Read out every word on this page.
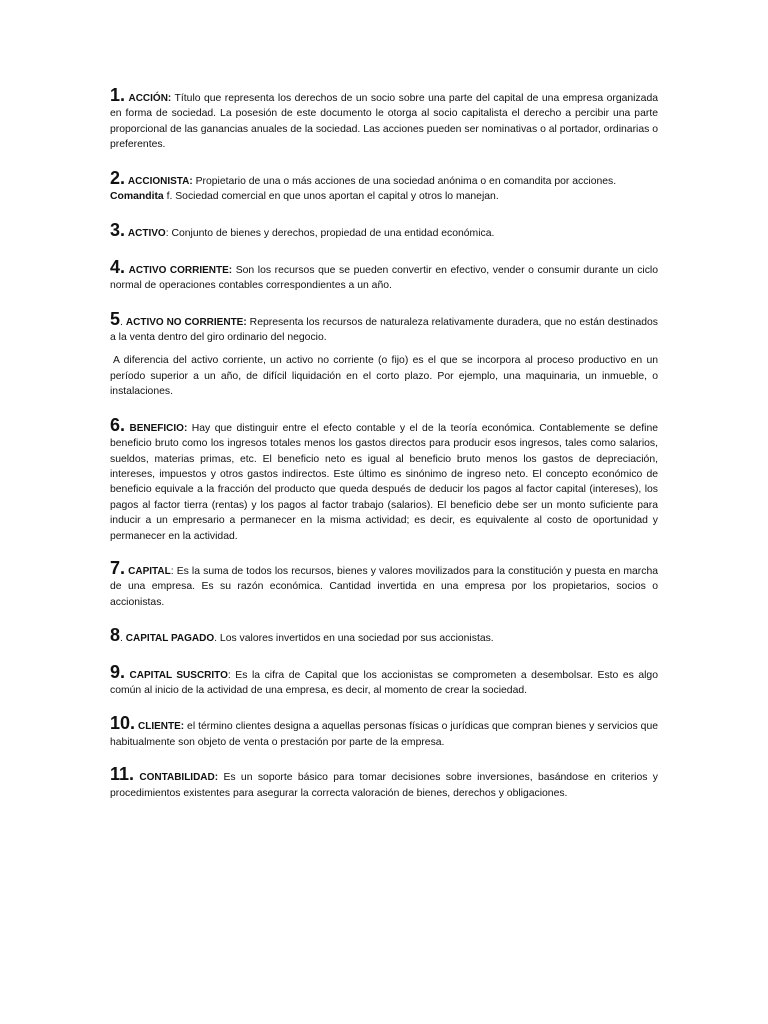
1. ACCIÓN: Título que representa los derechos de un socio sobre una parte del capital de una empresa organizada en forma de sociedad. La posesión de este documento le otorga al socio capitalista el derecho a percibir una parte proporcional de las ganancias anuales de la sociedad. Las acciones pueden ser nominativas o al portador, ordinarias o preferentes.

2. ACCIONISTA: Propietario de una o más acciones de una sociedad anónima o en comandita por acciones.
Comandita f. Sociedad comercial en que unos aportan el capital y otros lo manejan.

3. ACTIVO: Conjunto de bienes y derechos, propiedad de una entidad económica.

4. ACTIVO CORRIENTE: Son los recursos que se pueden convertir en efectivo, vender o consumir durante un ciclo normal de operaciones contables correspondientes a un año.

5. ACTIVO NO CORRIENTE: Representa los recursos de naturaleza relativamente duradera, que no están destinados a la venta dentro del giro ordinario del negocio.

A diferencia del activo corriente, un activo no corriente (o fijo) es el que se incorpora al proceso productivo en un período superior a un año, de difícil liquidación en el corto plazo. Por ejemplo, una maquinaria, un inmueble, o instalaciones.

6. BENEFICIO: Hay que distinguir entre el efecto contable y el de la teoría económica. Contablemente se define beneficio bruto como los ingresos totales menos los gastos directos para producir esos ingresos, tales como salarios, sueldos, materias primas, etc. El beneficio neto es igual al beneficio bruto menos los gastos de depreciación, intereses, impuestos y otros gastos indirectos. Este último es sinónimo de ingreso neto. El concepto económico de beneficio equivale a la fracción del producto que queda después de deducir los pagos al factor capital (intereses), los pagos al factor tierra (rentas) y los pagos al factor trabajo (salarios). El beneficio debe ser un monto suficiente para inducir a un empresario a permanecer en la misma actividad; es decir, es equivalente al costo de oportunidad y permanecer en la actividad.

7. CAPITAL: Es la suma de todos los recursos, bienes y valores movilizados para la constitución y puesta en marcha de una empresa. Es su razón económica. Cantidad invertida en una empresa por los propietarios, socios o accionistas.

8. CAPITAL PAGADO. Los valores invertidos en una sociedad por sus accionistas.

9. CAPITAL SUSCRITO: Es la cifra de Capital que los accionistas se comprometen a desembolsar. Esto es algo común al inicio de la actividad de una empresa, es decir, al momento de crear la sociedad.

10. CLIENTE: el término clientes designa a aquellas personas físicas o jurídicas que compran bienes y servicios que habitualmente son objeto de venta o prestación por parte de la empresa.

11. CONTABILIDAD: Es un soporte básico para tomar decisiones sobre inversiones, basándose en criterios y procedimientos existentes para asegurar la correcta valoración de bienes, derechos y obligaciones.
